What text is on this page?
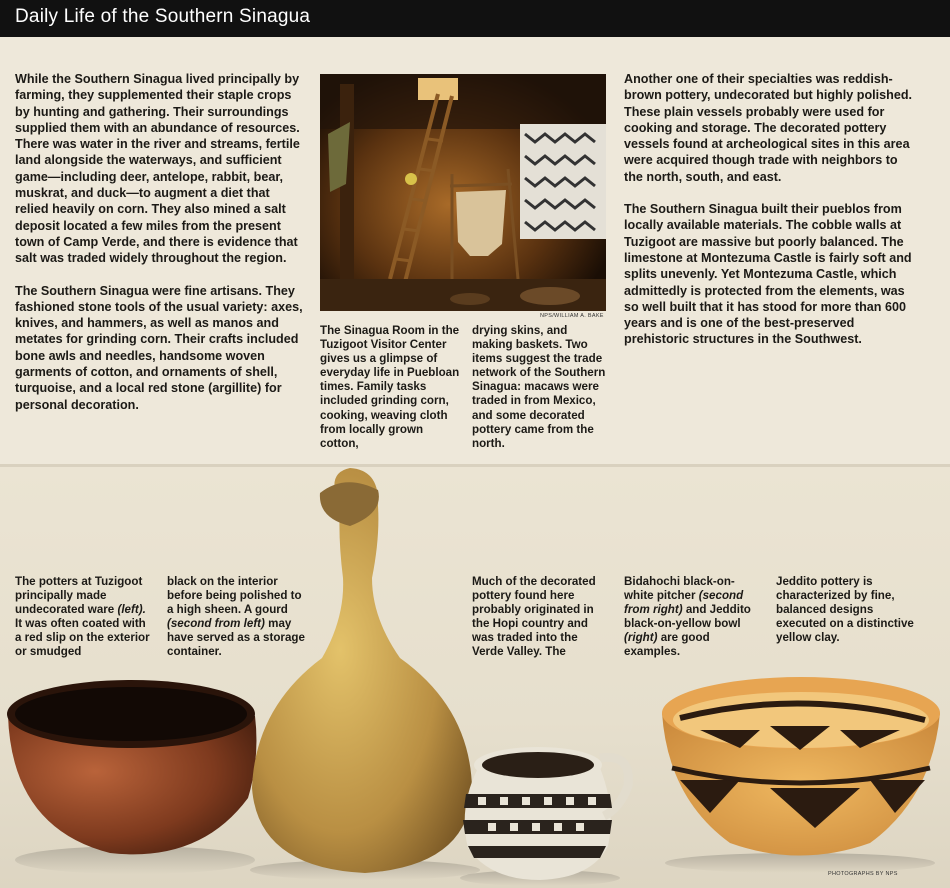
Daily Life of the Southern Sinagua

While the Southern Sinagua lived principally by farming, they supplemented their staple crops by hunting and gathering. Their surroundings supplied them with an abundance of resources. There was water in the river and streams, fertile land alongside the waterways, and sufficient game—including deer, antelope, rabbit, bear, muskrat, and duck—to augment a diet that relied heavily on corn. They also mined a salt deposit located a few miles from the present town of Camp Verde, and there is evidence that salt was traded widely throughout the region.

The Southern Sinagua were fine artisans. They fashioned stone tools of the usual variety: axes, knives, and hammers, as well as manos and metates for grinding corn. Their crafts included bone awls and needles, handsome woven garments of cotton, and ornaments of shell, turquoise, and a local red stone (argillite) for personal decoration.

NPS/WILLIAM A. BAKE
The Sinagua Room in the Tuzigoot Visitor Center gives us a glimpse of everyday life in Puebloan times. Family tasks included grinding corn, cooking, weaving cloth from locally grown cotton,
drying skins, and making baskets. Two items suggest the trade network of the Southern Sinagua: macaws were traded in from Mexico, and some decorated pottery came from the north.

Another one of their specialties was reddish-brown pottery, undecorated but highly polished. These plain vessels probably were used for cooking and storage. The decorated pottery vessels found at archeological sites in this area were acquired though trade with neighbors to the north, south, and east.

The Southern Sinagua built their pueblos from locally available materials. The cobble walls at Tuzigoot are massive but poorly balanced. The limestone at Montezuma Castle is fairly soft and splits unevenly. Yet Montezuma Castle, which admittedly is protected from the elements, was so well built that it has stood for more than 600 years and is one of the best-preserved prehistoric structures in the Southwest.

The potters at Tuzigoot principally made undecorated ware (left). It was often coated with a red slip on the exterior or smudged
black on the interior before being polished to a high sheen. A gourd (second from left) may have served as a storage container.
Much of the decorated pottery found here probably originated in the Hopi country and was traded into the Verde Valley. The
Bidahochi black-on-white pitcher (second from right) and Jeddito black-on-yellow bowl (right) are good examples.
Jeddito pottery is characterized by fine, balanced designs executed on a distinctive yellow clay.
PHOTOGRAPHS BY NPS
